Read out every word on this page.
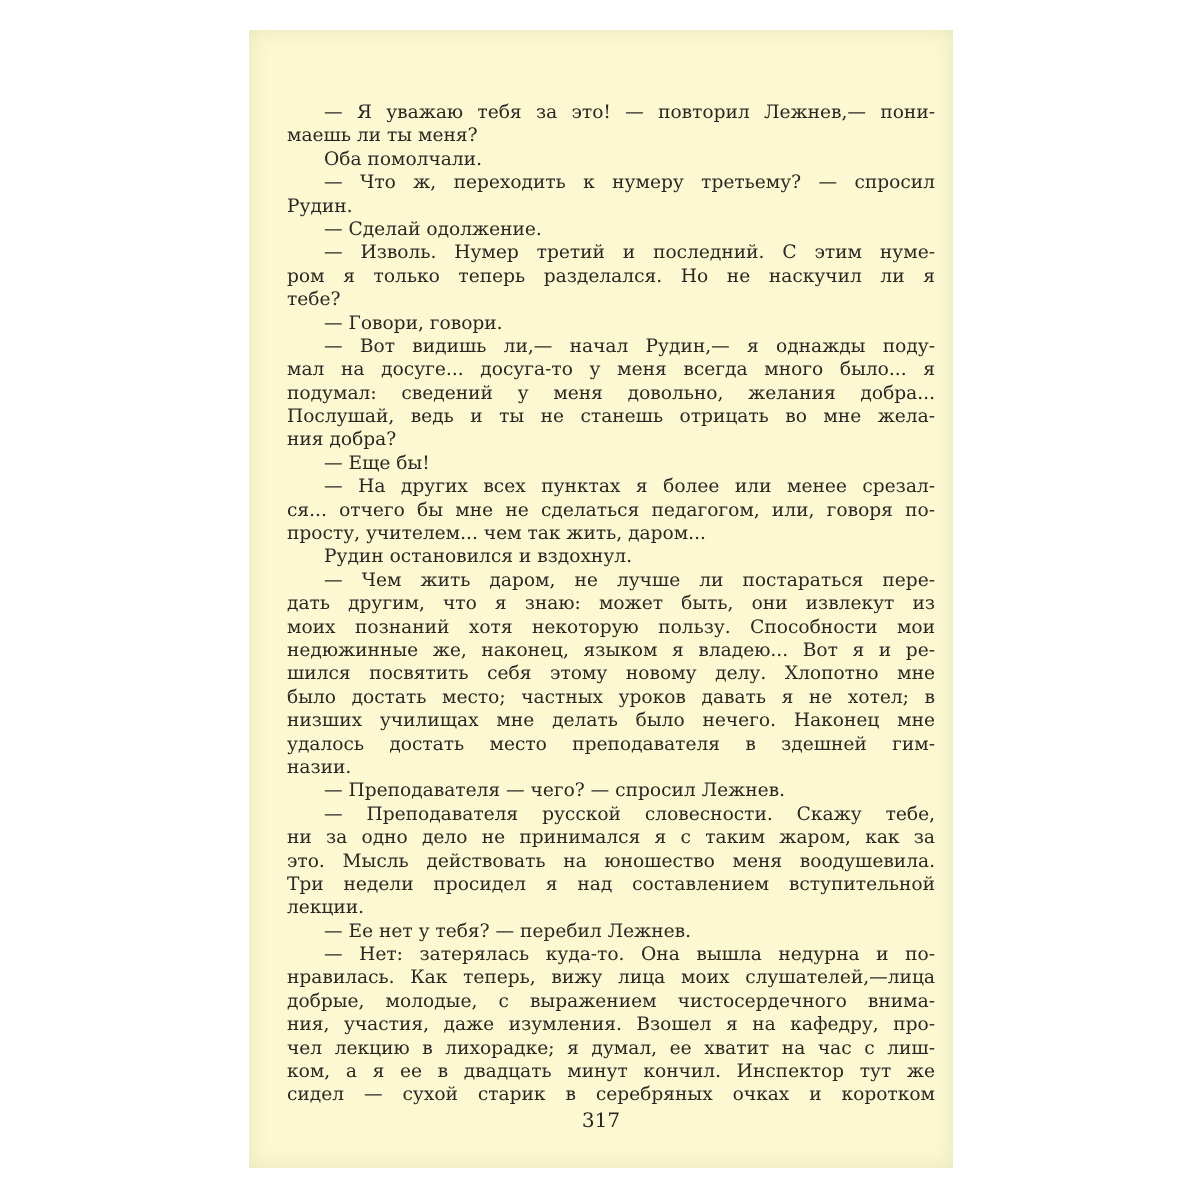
— Я уважаю тебя за это! — повторил Лежнев,— пони-
маешь ли ты меня?
Оба помолчали.
— Что ж, переходить к нумеру третьему? — спросил
Рудин.
— Сделай одолжение.
— Изволь. Нумер третий и последний. С этим нуме-
ром я только теперь разделался. Но не наскучил ли я
тебе?
— Говори, говори.
— Вот видишь ли,— начал Рудин,— я однажды поду-
мал на досуге... досуга-то у меня всегда много было... я
подумал: сведений у меня довольно, желания добра...
Послушай, ведь и ты не станешь отрицать во мне жела-
ния добра?
— Еще бы!
— На других всех пунктах я более или менее срезал-
ся... отчего бы мне не сделаться педагогом, или, говоря по-
просту, учителем... чем так жить, даром...
Рудин остановился и вздохнул.
— Чем жить даром, не лучше ли постараться пере-
дать другим, что я знаю: может быть, они извлекут из
моих познаний хотя некоторую пользу. Способности мои
недюжинные же, наконец, языком я владею... Вот я и ре-
шился посвятить себя этому новому делу. Хлопотно мне
было достать место; частных уроков давать я не хотел; в
низших училищах мне делать было нечего. Наконец мне
удалось достать место преподавателя в здешней гим-
назии.
— Преподавателя — чего? — спросил Лежнев.
— Преподавателя русской словесности. Скажу тебе,
ни за одно дело не принимался я с таким жаром, как за
это. Мысль действовать на юношество меня воодушевила.
Три недели просидел я над составлением вступительной
лекции.
— Ее нет у тебя? — перебил Лежнев.
— Нет: затерялась куда-то. Она вышла недурна и по-
нравилась. Как теперь, вижу лица моих слушателей,—лица
добрые, молодые, с выражением чистосердечного внима-
ния, участия, даже изумления. Взошел я на кафедру, про-
чел лекцию в лихорадке; я думал, ее хватит на час с лиш-
ком, а я ее в двадцать минут кончил. Инспектор тут же
сидел — сухой старик в серебряных очках и коротком
317
